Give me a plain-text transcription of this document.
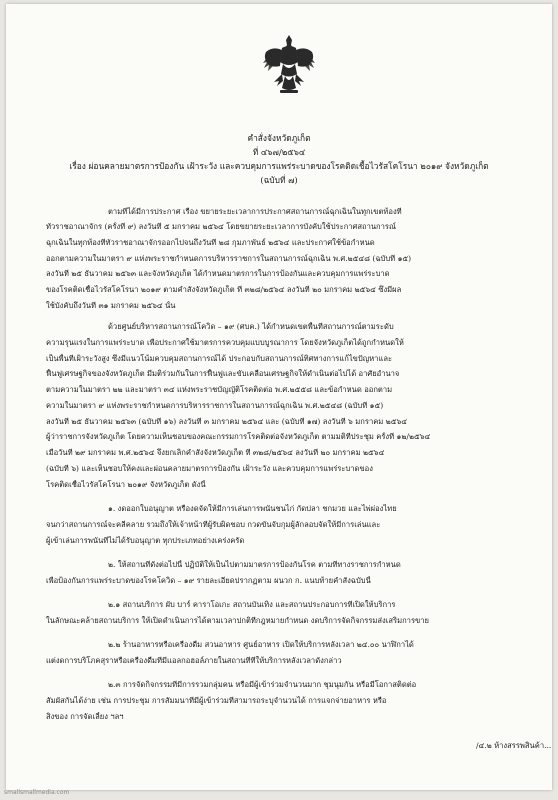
คำสั่งจังหวัดภูเก็ต
ที่ ๔๖๗/๒๕๖๔
เรื่อง ผ่อนคลายมาตรการป้องกัน เฝ้าระวัง และควบคุมการแพร่ระบาดของโรคติดเชื้อไวรัสโคโรนา ๒๐๑๙ จังหวัดภูเก็ต
(ฉบับที่ ๗)
ตามที่ได้มีการประกาศ เรื่อง ขยายระยะเวลาการประกาศสถานการณ์ฉุกเฉินในทุกเขตท้องที่
ทั่วราชอาณาจักร (ครั้งที่ ๙) ลงวันที่ ๕ มกราคม ๒๕๖๔ โดยขยายระยะเวลาการบังคับใช้ประกาศสถานการณ์
ฉุกเฉินในทุกท้องที่ทั่วราชอาณาจักรออกไปจนถึงวันที่ ๒๘ กุมภาพันธ์ ๒๕๖๔ และประกาศใช้ข้อกำหนด
ออกตามความในมาตรา ๙ แห่งพระราชกำหนดการบริหารราชการในสถานการณ์ฉุกเฉิน พ.ศ.๒๕๔๘ (ฉบับที่ ๑๕)
ลงวันที่ ๒๕ ธันวาคม ๒๕๖๓ และจังหวัดภูเก็ต ได้กำหนดมาตรการในการป้องกันและควบคุมการแพร่ระบาด
ของโรคติดเชื้อไวรัสโคโรนา ๒๐๑๙ ตามคำสั่งจังหวัดภูเก็ต ที่ ๓๒๘/๒๕๖๔ ลงวันที่ ๒๐ มกราคม ๒๕๖๔ ซึ่งมีผล
ใช้บังคับถึงวันที่ ๓๑ มกราคม ๒๕๖๔ นั้น
ด้วยศูนย์บริหารสถานการณ์โควิด – ๑๙ (ศบค.) ได้กำหนดเขตพื้นที่สถานการณ์ตามระดับ
ความรุนแรงในการแพร่ระบาด เพื่อประกาศใช้มาตรการควบคุมแบบบูรณาการ โดยจังหวัดภูเก็ตได้ถูกกำหนดให้
เป็นพื้นที่เฝ้าระวังสูง ซึ่งมีแนวโน้มควบคุมสถานการณ์ได้ ประกอบกับสถานการณ์ทิศทางการแก้ไขปัญหาและ
ฟื้นฟูเศรษฐกิจของจังหวัดภูเก็ต มีมติร่วมกันในการฟื้นฟูและขับเคลื่อนเศรษฐกิจให้ดำเนินต่อไปได้ อาศัยอำนาจ
ตามความในมาตรา ๒๒ และมาตรา ๓๔ แห่งพระราชบัญญัติโรคติดต่อ พ.ศ.๒๕๕๘ และข้อกำหนด ออกตาม
ความในมาตรา ๙ แห่งพระราชกำหนดการบริหารราชการในสถานการณ์ฉุกเฉิน พ.ศ.๒๕๔๘ (ฉบับที่ ๑๕)
ลงวันที่ ๒๕ ธันวาคม ๒๕๖๓ (ฉบับที่ ๑๖) ลงวันที่ ๓ มกราคม ๒๕๖๔ และ (ฉบับที่ ๑๗) ลงวันที่ ๖ มกราคม ๒๕๖๔
ผู้ว่าราชการจังหวัดภูเก็ต โดยความเห็นชอบของคณะกรรมการโรคติดต่อจังหวัดภูเก็ต ตามมติที่ประชุม ครั้งที่ ๑๒/๒๕๖๔
เมื่อวันที่ ๒๙ มกราคม พ.ศ.๒๕๖๔ จึงยกเลิกคำสั่งจังหวัดภูเก็ต ที่ ๓๒๘/๒๕๖๔ ลงวันที่ ๒๐ มกราคม ๒๕๖๔
(ฉบับที่ ๖) และเห็นชอบให้คงและผ่อนคลายมาตรการป้องกัน เฝ้าระวัง และควบคุมการแพร่ระบาดของ
โรคติดเชื้อไวรัสโคโรนา ๒๐๑๙ จังหวัดภูเก็ต ดังนี้
๑. งดออกใบอนุญาต หรืองดจัดให้มีการเล่นการพนันชนไก่ กัดปลา ชกมวย และไพ่ผ่องไทย
จนกว่าสถานการณ์จะคลี่คลาย รวมถึงให้เจ้าหน้าที่ผู้รับผิดชอบ กวดขันจับกุมผู้ลักลอบจัดให้มีการเล่นและ
ผู้เข้าเล่นการพนันที่ไม่ได้รับอนุญาต ทุกประเภทอย่างเคร่งครัด
๒. ให้สถานที่ดังต่อไปนี้ ปฏิบัติให้เป็นไปตามมาตรการป้องกันโรค ตามที่ทางราชการกำหนด
เพื่อป้องกันการแพร่ระบาดของโรคโควิด – ๑๙ รายละเอียดปรากฏตาม ผนวก ก. แนบท้ายคำสั่งฉบับนี้
๒.๑ สถานบริการ ผับ บาร์ คาราโอเกะ สถานบันเทิง และสถานประกอบการที่เปิดให้บริการ
ในลักษณะคล้ายสถานบริการ ให้เปิดดำเนินการได้ตามเวลาปกติที่กฎหมายกำหนด งดบริการจัดกิจกรรมส่งเสริมการขาย
๒.๒ ร้านอาหารหรือเครื่องดื่ม สวนอาหาร ศูนย์อาหาร เปิดให้บริการหลังเวลา ๒๔.๐๐ นาฬิกาได้
แต่งดการบริโภคสุราหรือเครื่องดื่มที่มีแอลกอฮอล์ภายในสถานที่ที่ให้บริการหลังเวลาดังกล่าว
๒.๓ การจัดกิจกรรมที่มีการรวมกลุ่มคน หรือมีผู้เข้าร่วมจำนวนมาก ชุมนุมกัน หรือมีโอกาสติดต่อ
สัมผัสกันได้ง่าย เช่น การประชุม การสัมมนาที่มีผู้เข้าร่วมที่สามารถระบุจำนวนได้ การแจกจ่ายอาหาร หรือ
สิ่งของ การจัดเลี้ยง ฯลฯ
/๔.๒ ห้างสรรพสินค้า...
smallsmallmedia.com
